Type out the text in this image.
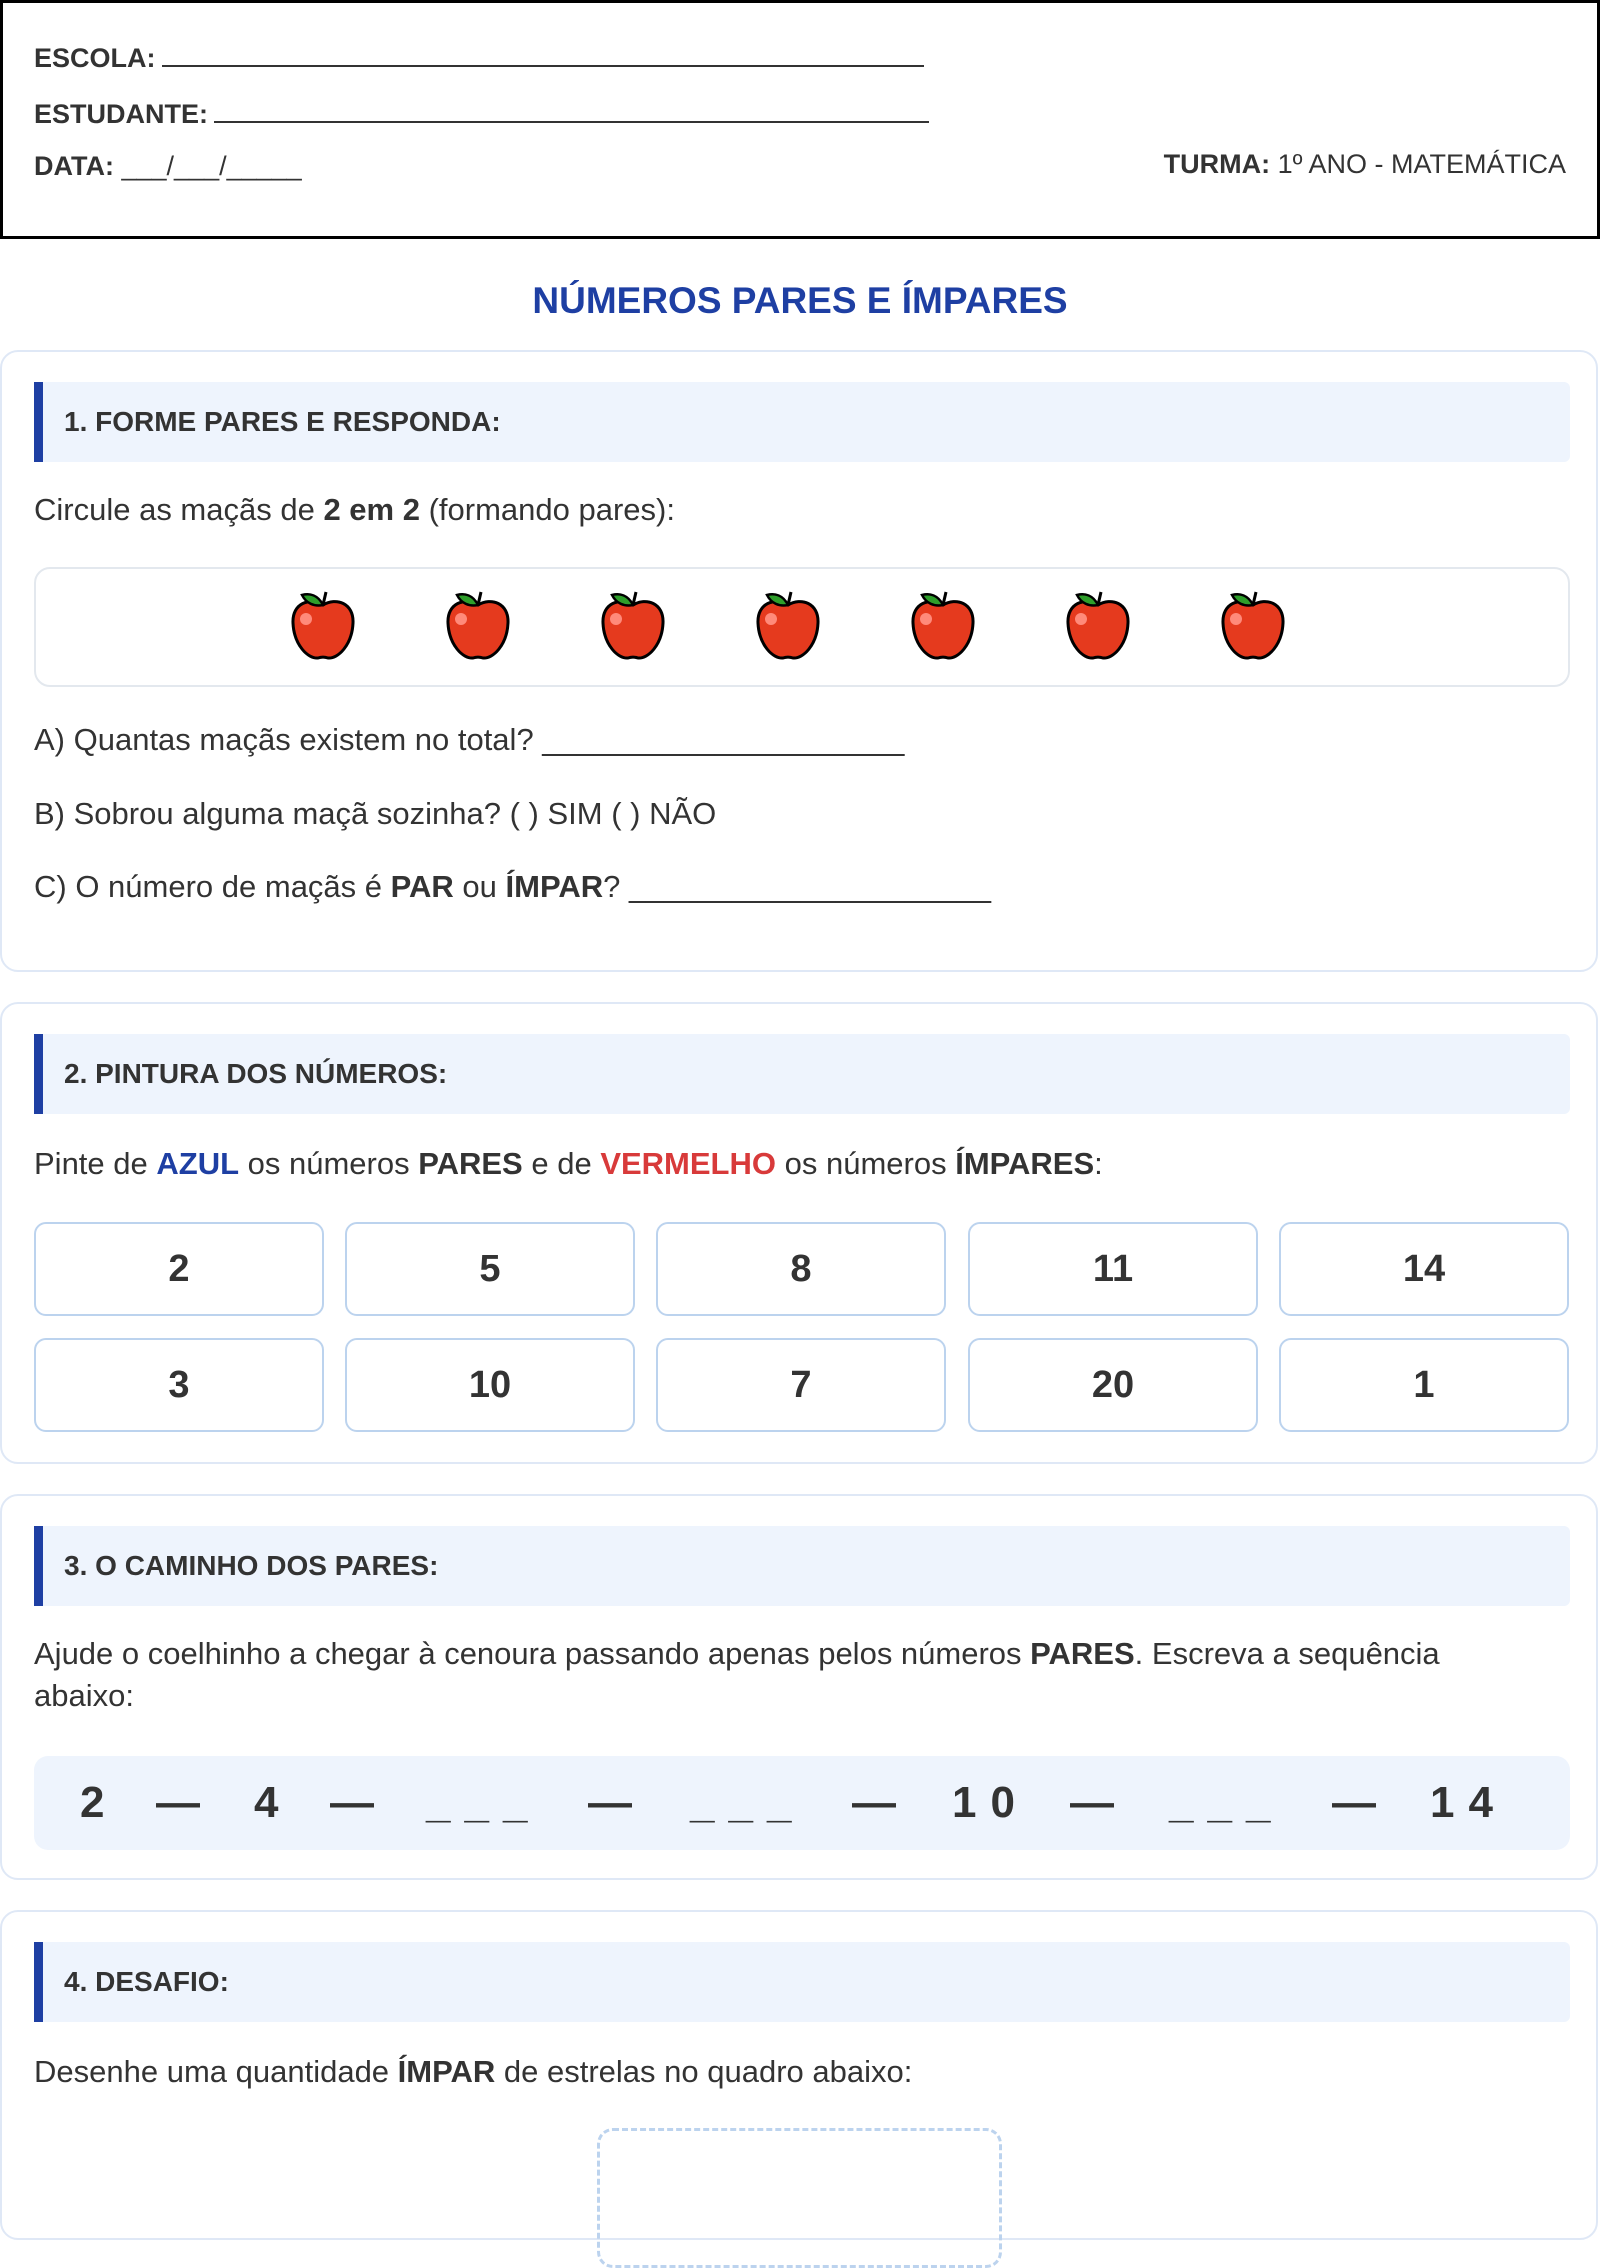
ESCOLA:
ESTUDANTE:
DATA: ___/___/_____	TURMA: 1º ANO - MATEMÁTICA
NÚMEROS PARES E ÍMPARES
1. FORME PARES E RESPONDA:
Circule as maçãs de 2 em 2 (formando pares):
A) Quantas maçãs existem no total? _____________________
B) Sobrou alguma maçã sozinha? ( ) SIM ( ) NÃO
C) O número de maçãs é PAR ou ÍMPAR? _____________________
2. PINTURA DOS NÚMEROS:
Pinte de AZUL os números PARES e de VERMELHO os números ÍMPARES:
2	5	8	11	14
3	10	7	20	1
3. O CAMINHO DOS PARES:
Ajude o coelhinho a chegar à cenoura passando apenas pelos números PARES. Escreva a sequência
abaixo:
2 — 4 — ___ — ___ — 10 — ___ — 14
4. DESAFIO:
Desenhe uma quantidade ÍMPAR de estrelas no quadro abaixo:
